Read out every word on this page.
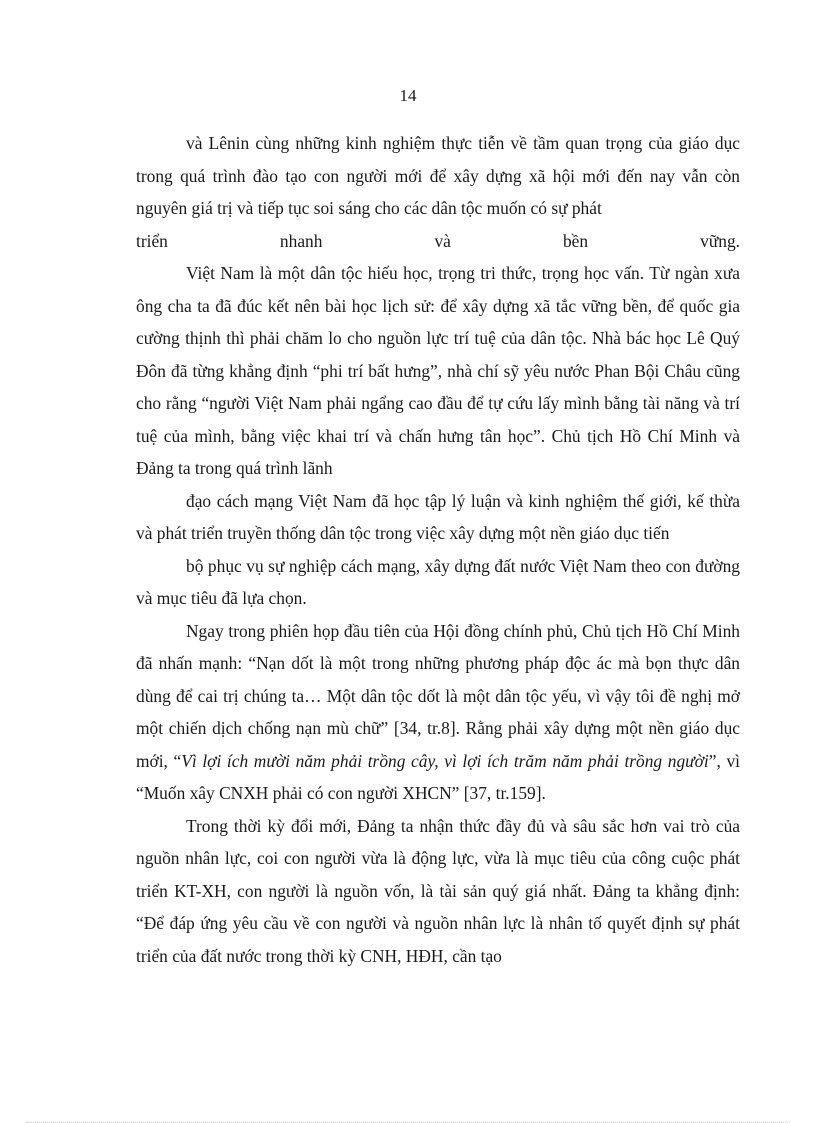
14

và Lênin cùng những kinh nghiệm thực tiễn về tầm quan trọng của giáo dục trong quá trình đào tạo con người mới để xây dựng xã hội mới đến nay vẫn còn nguyên giá trị và tiếp tục soi sáng cho các dân tộc muốn có sự phát

triển	nhanh	và	bền	vững.

Việt Nam là một dân tộc hiếu học, trọng tri thức, trọng học vấn. Từ ngàn xưa ông cha ta đã đúc kết nên bài học lịch sử: để xây dựng xã tắc vững bền, để quốc gia cường thịnh thì phải chăm lo cho nguồn lực trí tuệ của dân tộc. Nhà bác học Lê Quý Đôn đã từng khẳng định “phi trí bất hưng”, nhà chí sỹ yêu nước Phan Bội Châu cũng cho rằng “người Việt Nam phải ngẩng cao đầu để tự cứu lấy mình bằng tài năng và trí tuệ của mình, bằng việc khai trí và chấn hưng tân học”. Chủ tịch Hồ Chí Minh và Đảng ta trong quá trình lãnh

đạo cách mạng Việt Nam đã học tập lý luận và kinh nghiệm thế giới, kế thừa và phát triển truyền thống dân tộc trong việc xây dựng một nền giáo dục tiến

bộ phục vụ sự nghiệp cách mạng, xây dựng đất nước Việt Nam theo con đường và mục tiêu đã lựa chọn.

Ngay trong phiên họp đầu tiên của Hội đồng chính phủ, Chủ tịch Hồ Chí Minh đã nhấn mạnh: “Nạn dốt là một trong những phương pháp độc ác mà bọn thực dân dùng để cai trị chúng ta… Một dân tộc dốt là một dân tộc yếu, vì vậy tôi đề nghị mở một chiến dịch chống nạn mù chữ” [34, tr.8]. Rằng phải xây dựng một nền giáo dục mới, “Vì lợi ích mười năm phải trồng cây, vì lợi ích trăm năm phải trồng người”, vì “Muốn xây CNXH phải có con người XHCN” [37, tr.159].

Trong thời kỳ đổi mới, Đảng ta nhận thức đầy đủ và sâu sắc hơn vai trò của nguồn nhân lực, coi con người vừa là động lực, vừa là mục tiêu của công cuộc phát triển KT-XH, con người là nguồn vốn, là tài sản quý giá nhất. Đảng ta khẳng định: “Để đáp ứng yêu cầu về con người và nguồn nhân lực là nhân tố quyết định sự phát triển của đất nước trong thời kỳ CNH, HĐH, cần tạo
